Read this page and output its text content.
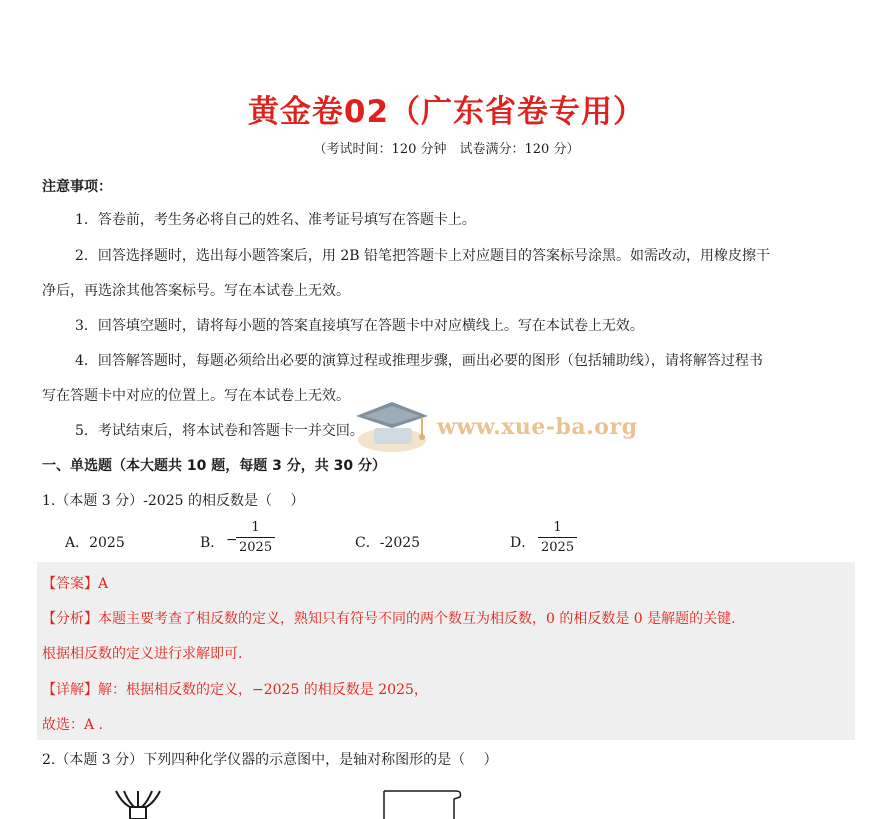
黄金卷02（广东省卷专用）
（考试时间：120 分钟　试卷满分：120 分）
注意事项：
1．答卷前，考生务必将自己的姓名、准考证号填写在答题卡上。
2．回答选择题时，选出每小题答案后，用 2B 铅笔把答题卡上对应题目的答案标号涂黑。如需改动，用橡皮擦干
净后，再选涂其他答案标号。写在本试卷上无效。
3．回答填空题时，请将每小题的答案直接填写在答题卡中对应横线上。写在本试卷上无效。
4．回答解答题时，每题必须给出必要的演算过程或推理步骤，画出必要的图形（包括辅助线），请将解答过程书
写在答题卡中对应的位置上。写在本试卷上无效。
5．考试结束后，将本试卷和答题卡一并交回。	www.xue-ba.org
一、单选题（本大题共 10 题，每题 3 分，共 30 分）
1.（本题 3 分）-2025 的相反数是（　 ）
A．2025	B． −
1
2025	C．-2025	D．
1
2025
【答案】A
【分析】本题主要考查了相反数的定义，熟知只有符号不同的两个数互为相反数，0 的相反数是 0 是解题的关键.
根据相反数的定义进行求解即可.
【详解】解：根据相反数的定义，−2025 的相反数是 2025，
故选：A .
2.（本题 3 分）下列四种化学仪器的示意图中，是轴对称图形的是（　 ）
